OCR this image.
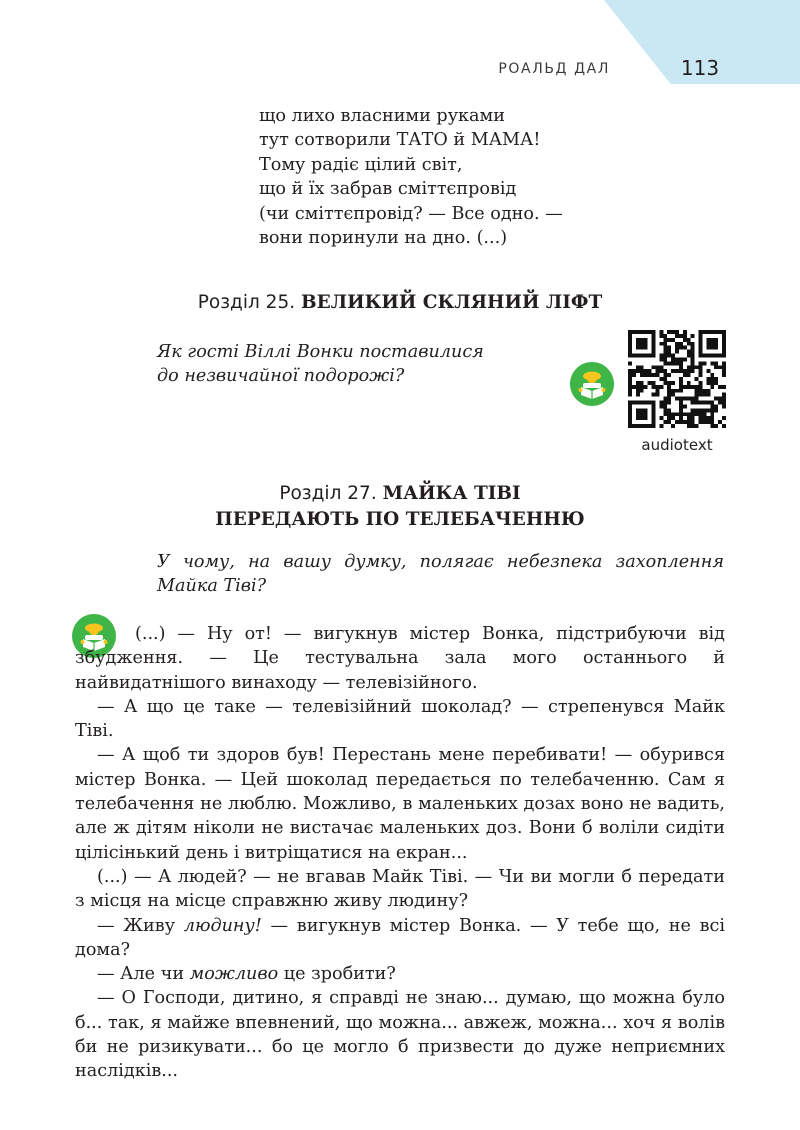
РОАЛЬД ДАЛ	113
що лихо власними руками
тут сотворили ТАТО й МАМА!
Тому радіє цілий світ,
що й їх забрав сміттєпровід
(чи сміттєпровід? — Все одно. —
вони поринули на дно. (...)
Розділ 25. ВЕЛИКИЙ СКЛЯНИЙ ЛІФТ
Як гості Віллі Вонки поставилися
до незвичайної подорожі?
audiotext
Розділ 27. МАЙКА ТІВІ
ПЕРЕДАЮТЬ ПО ТЕЛЕБАЧЕННЮ
У чому, на вашу думку, полягає небезпека захоплення Майка Тіві?

(...) — Ну от! — вигукнув містер Вонка, підстрибуючи від збудження. — Це тестувальна зала мого останнього й найвидатнішого винаходу — телевізійного.

— А що це таке — телевізійний шоколад? — стрепенувся Майк Тіві.

— А щоб ти здоров був! Перестань мене перебивати! — обурився містер Вонка. — Цей шоколад передається по телебаченню. Сам я телебачення не люблю. Можливо, в маленьких дозах воно не вадить, але ж дітям ніколи не вистачає маленьких доз. Вони б воліли сидіти цілісінький день і витріщатися на екран...

(...) — А людей? — не вгавав Майк Тіві. — Чи ви могли б передати з місця на місце справжню живу людину?

— Живу людину! — вигукнув містер Вонка. — У тебе що, не всі дома?

— Але чи можливо це зробити?

— О Господи, дитино, я справді не знаю... думаю, що можна було б... так, я майже впевнений, що можна... авжеж, можна... хоч я волів би не ризикувати... бо це могло б призвести до дуже неприємних наслідків...
